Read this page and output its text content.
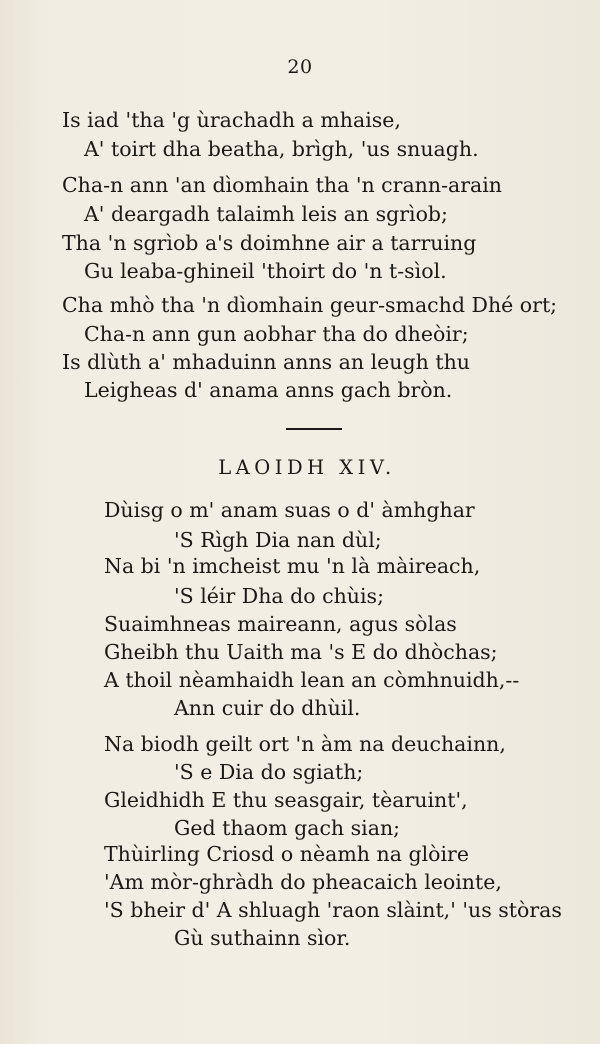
20
Is iad 'tha 'g ùrachadh a mhaise,
A' toirt dha beatha, brìgh, 'us snuagh.
Cha-n ann 'an dìomhain tha 'n crann-arain
A' deargadh talaimh leis an sgrìob;
Tha 'n sgrìob a's doimhne air a tarruing
Gu leaba-ghineil 'thoirt do 'n t-sìol.
Cha mhò tha 'n dìomhain geur-smachd Dhé ort;
Cha-n ann gun aobhar tha do dheòir;
Is dlùth a' mhaduinn anns an leugh thu
Leigheas d' anama anns gach bròn.
LAOIDH XIV.
Dùisg o m' anam suas o d' àmhghar
'S Rìgh Dia nan dùl;
Na bi 'n imcheist mu 'n là màireach,
'S léir Dha do chùis;
Suaimhneas maireann, agus sòlas
Gheibh thu Uaith ma 's E do dhòchas;
A thoil nèamhaidh lean an còmhnuidh,--
Ann cuir do dhùil.
Na biodh geilt ort 'n àm na deuchainn,
'S e Dia do sgiath;
Gleidhidh E thu seasgair, tèaruint',
Ged thaom gach sian;
Thùirling Criosd o nèamh na glòire
'Am mòr-ghràdh do pheacaich leointe,
'S bheir d' A shluagh 'raon slàint,' 'us stòras
Gù suthainn sìor.
